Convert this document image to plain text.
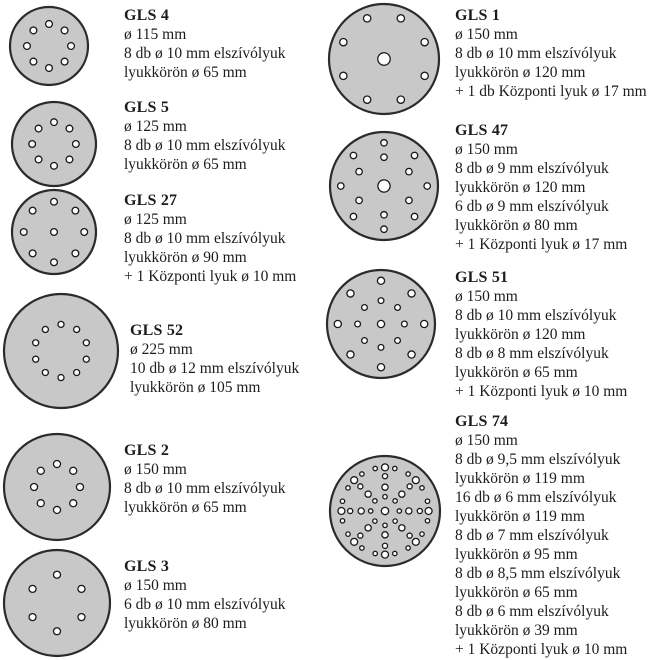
GLS 4
ø 115 mm
8 db ø 10 mm elszívólyuk
lyukkörön ø 65 mm
GLS 5
ø 125 mm
8 db ø 10 mm elszívólyuk
lyukkörön ø 65 mm
GLS 27
ø 125 mm
8 db ø 10 mm elszívólyuk
lyukkörön ø 90 mm
+ 1 Központi lyuk ø 10 mm
GLS 52
ø 225 mm
10 db ø 12 mm elszívólyuk
lyukkörön ø 105 mm
GLS 2
ø 150 mm
8 db ø 10 mm elszívólyuk
lyukkörön ø 65 mm
GLS 3
ø 150 mm
6 db ø 10 mm elszívólyuk
lyukkörön ø 80 mm
GLS 1
ø 150 mm
8 db ø 10 mm elszívólyuk
lyukkörön ø 120 mm
+ 1 db Központi lyuk ø 17 mm
GLS 47
ø 150 mm
8 db ø 9 mm elszívólyuk
lyukkörön ø 120 mm
6 db ø 9 mm elszívólyuk
lyukkörön ø 80 mm
+ 1 Központi lyuk ø 17 mm
GLS 51
ø 150 mm
8 db ø 10 mm elszívólyuk
lyukkörön ø 120 mm
8 db ø 8 mm elszívólyuk
lyukkörön ø 65 mm
+ 1 Központi lyuk ø 10 mm
GLS 74
ø 150 mm
8 db ø 9,5 mm elszívólyuk
lyukkörön ø 119 mm
16 db ø 6 mm elszívólyuk
lyukkörön ø 119 mm
8 db ø 7 mm elszívólyuk
lyukkörön ø 95 mm
8 db ø 8,5 mm elszívólyuk
lyukkörön ø 65 mm
8 db ø 6 mm elszívólyuk
lyukkörön ø 39 mm
+ 1 Központi lyuk ø 10 mm
